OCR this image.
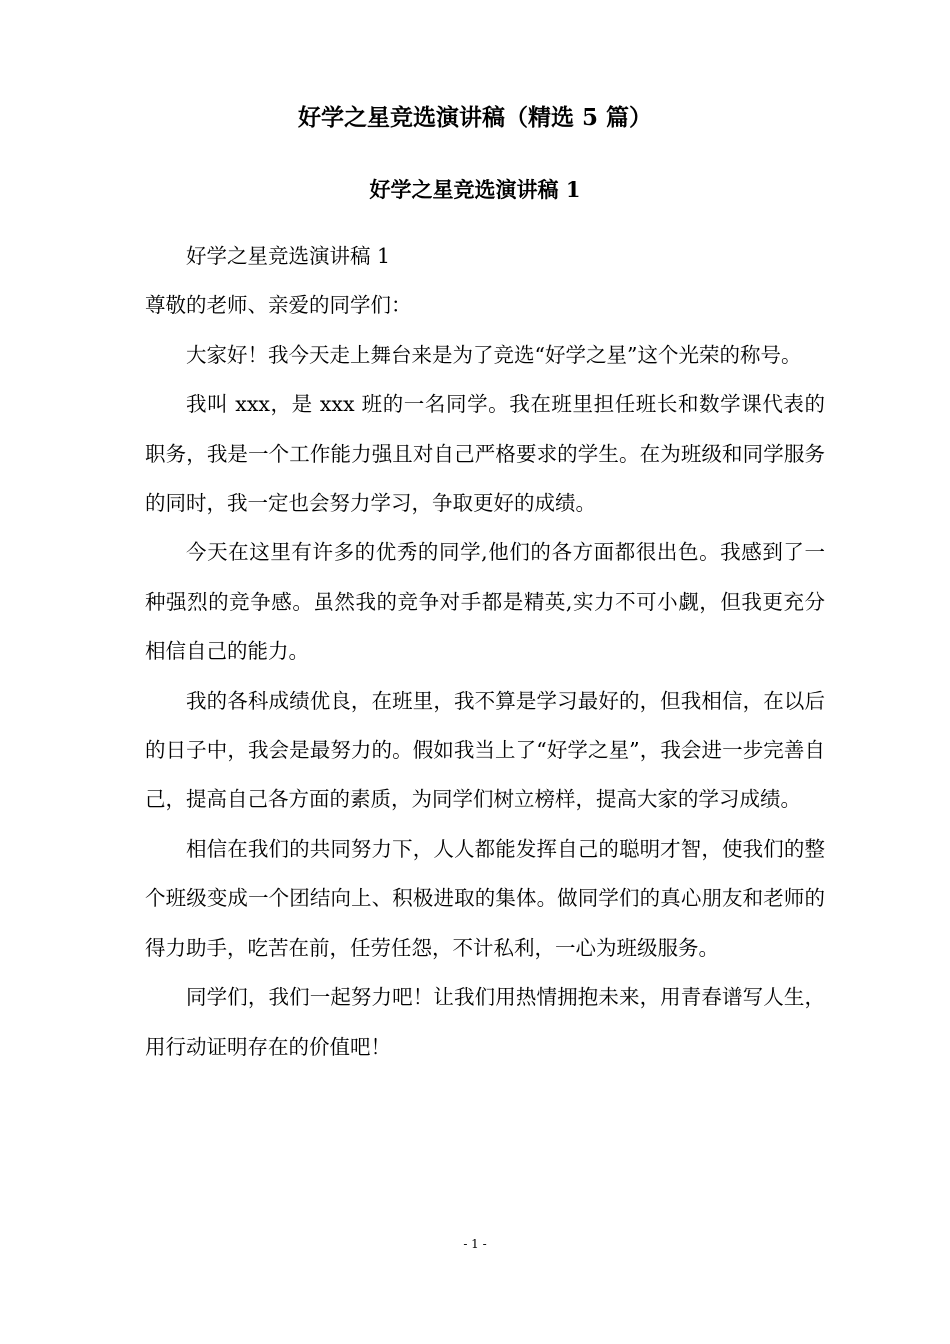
好学之星竞选演讲稿（精选 5 篇）
好学之星竞选演讲稿 1

好学之星竞选演讲稿 1

尊敬的老师、亲爱的同学们：

大家好！我今天走上舞台来是为了竞选“好学之星”这个光荣的称号。

我叫 xxx，是 xxx 班的一名同学。我在班里担任班长和数学课代表的职务，我是一个工作能力强且对自己严格要求的学生。在为班级和同学服务的同时，我一定也会努力学习，争取更好的成绩。

今天在这里有许多的优秀的同学,他们的各方面都很出色。我感到了一种强烈的竞争感。虽然我的竞争对手都是精英,实力不可小觑，但我更充分相信自己的能力。

我的各科成绩优良，在班里，我不算是学习最好的，但我相信，在以后的日子中，我会是最努力的。假如我当上了“好学之星”，我会进一步完善自己，提高自己各方面的素质，为同学们树立榜样，提高大家的学习成绩。

相信在我们的共同努力下，人人都能发挥自己的聪明才智，使我们的整个班级变成一个团结向上、积极进取的集体。做同学们的真心朋友和老师的得力助手，吃苦在前，任劳任怨，不计私利，一心为班级服务。

同学们，我们一起努力吧！让我们用热情拥抱未来，用青春谱写人生，用行动证明存在的价值吧！

- 1 -
